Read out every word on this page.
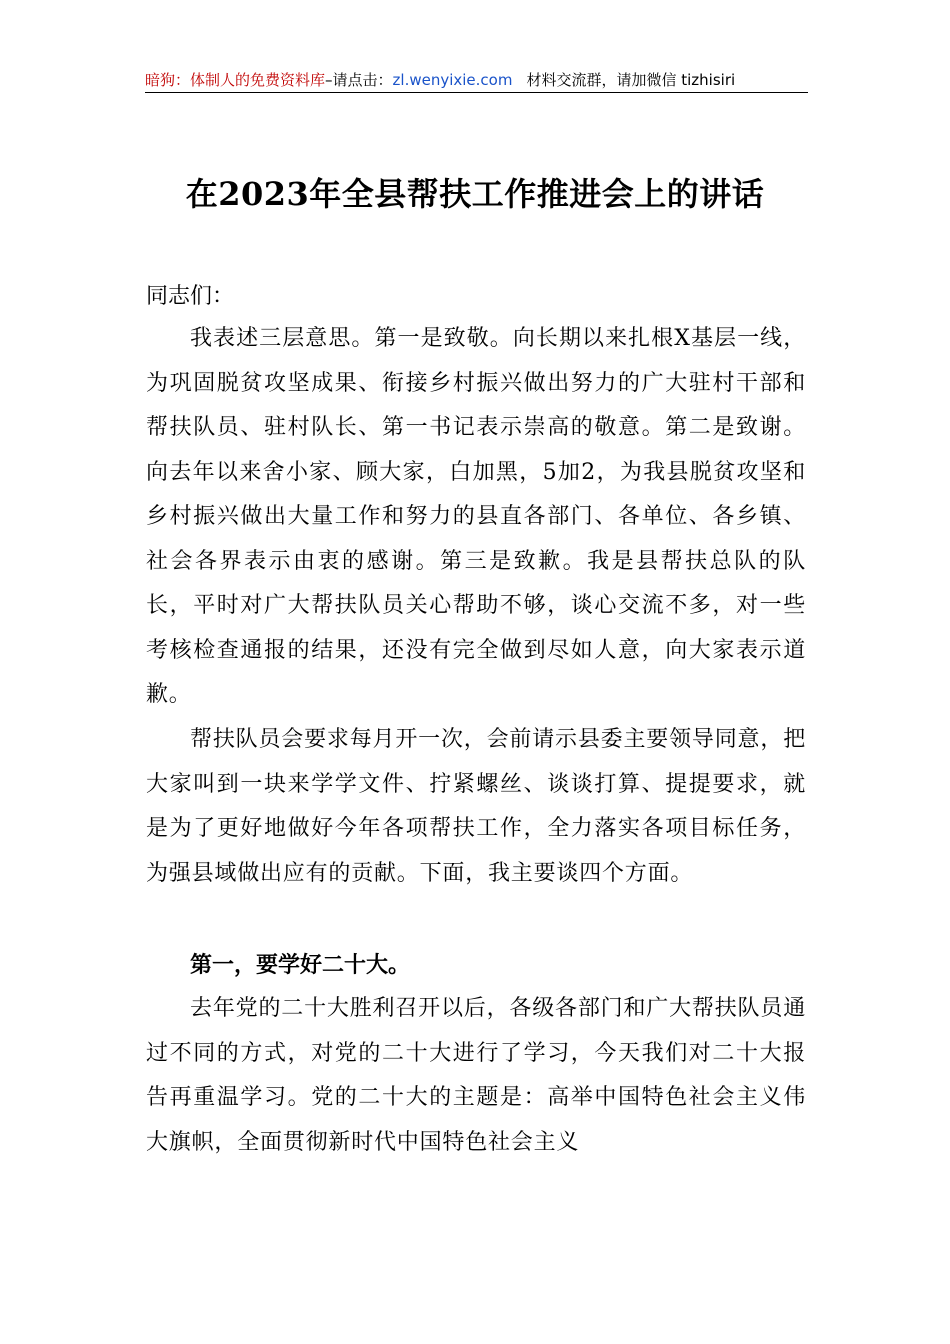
暗狗：体制人的免费资料库–请点击：zl.wenyixie.com 材料交流群，请加微信 tizhisiri
在2023年全县帮扶工作推进会上的讲话
同志们：
我表述三层意思。第一是致敬。向长期以来扎根X基层一线，为巩固脱贫攻坚成果、衔接乡村振兴做出努力的广大驻村干部和帮扶队员、驻村队长、第一书记表示崇高的敬意。第二是致谢。向去年以来舍小家、顾大家，白加黑，5加2，为我县脱贫攻坚和乡村振兴做出大量工作和努力的县直各部门、各单位、各乡镇、社会各界表示由衷的感谢。第三是致歉。我是县帮扶总队的队长，平时对广大帮扶队员关心帮助不够，谈心交流不多，对一些考核检查通报的结果，还没有完全做到尽如人意，向大家表示道歉。
帮扶队员会要求每月开一次，会前请示县委主要领导同意，把大家叫到一块来学学文件、拧紧螺丝、谈谈打算、提提要求，就是为了更好地做好今年各项帮扶工作，全力落实各项目标任务，为强县域做出应有的贡献。下面，我主要谈四个方面。
第一，要学好二十大。
去年党的二十大胜利召开以后，各级各部门和广大帮扶队员通过不同的方式，对党的二十大进行了学习，今天我们对二十大报告再重温学习。党的二十大的主题是：高举中国特色社会主义伟大旗帜，全面贯彻新时代中国特色社会主义
